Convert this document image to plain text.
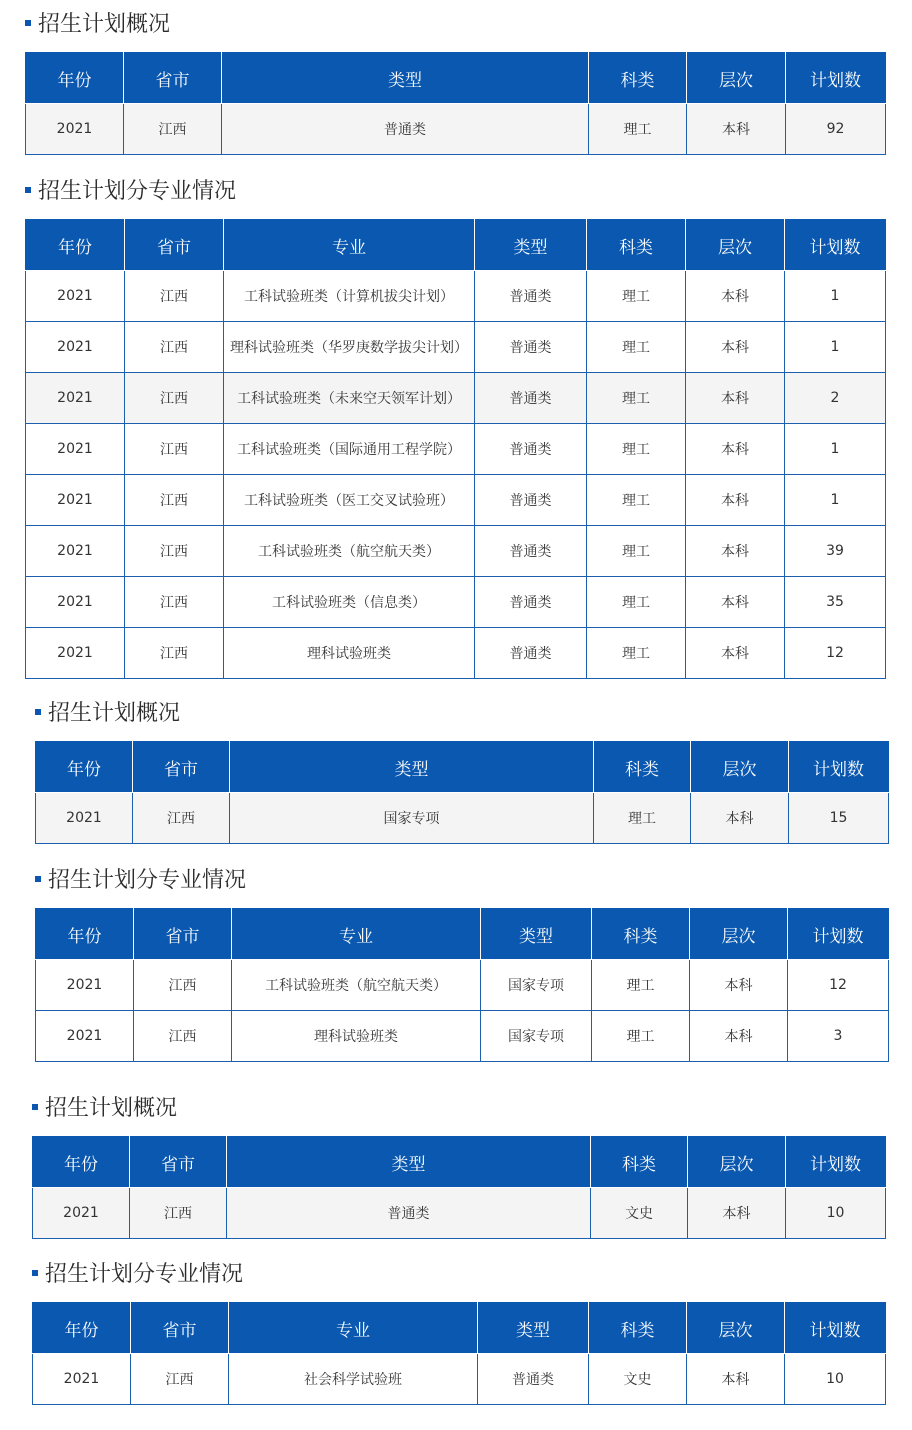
招生计划概况
年份	省市	类型	科类	层次	计划数
2021	江西	普通类	理工	本科	92
招生计划分专业情况
年份	省市	专业	类型	科类	层次	计划数
2021	江西	工科试验班类（计算机拔尖计划）	普通类	理工	本科	1
2021	江西	理科试验班类（华罗庚数学拔尖计划）	普通类	理工	本科	1
2021	江西	工科试验班类（未来空天领军计划）	普通类	理工	本科	2
2021	江西	工科试验班类（国际通用工程学院）	普通类	理工	本科	1
2021	江西	工科试验班类（医工交叉试验班）	普通类	理工	本科	1
2021	江西	工科试验班类（航空航天类）	普通类	理工	本科	39
2021	江西	工科试验班类（信息类）	普通类	理工	本科	35
2021	江西	理科试验班类	普通类	理工	本科	12
招生计划概况
年份	省市	类型	科类	层次	计划数
2021	江西	国家专项	理工	本科	15
招生计划分专业情况
年份	省市	专业	类型	科类	层次	计划数
2021	江西	工科试验班类（航空航天类）	国家专项	理工	本科	12
2021	江西	理科试验班类	国家专项	理工	本科	3
招生计划概况
年份	省市	类型	科类	层次	计划数
2021	江西	普通类	文史	本科	10
招生计划分专业情况
年份	省市	专业	类型	科类	层次	计划数
2021	江西	社会科学试验班	普通类	文史	本科	10
